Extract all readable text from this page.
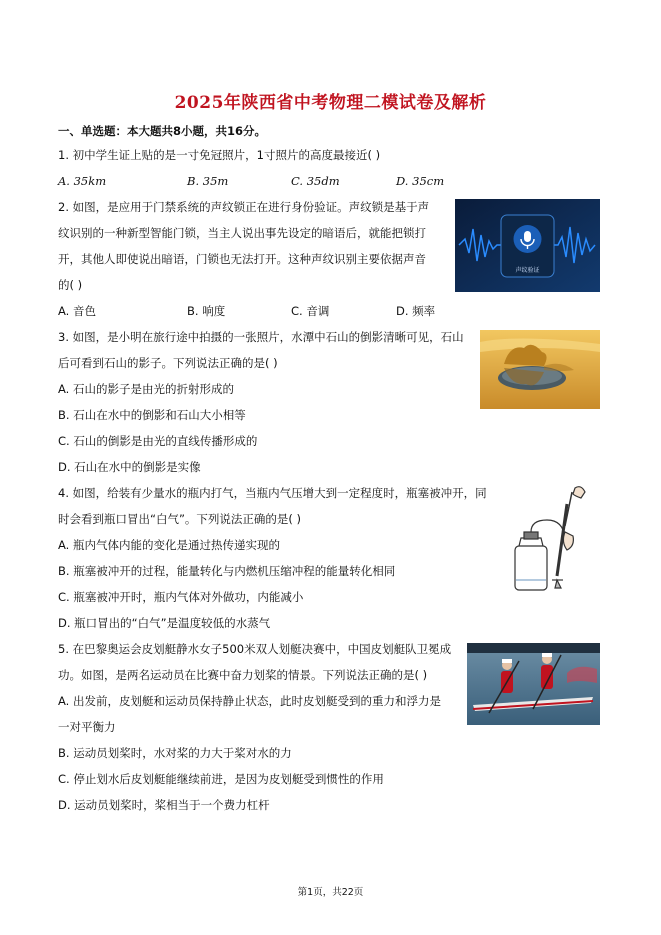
2025年陕西省中考物理二模试卷及解析
一、单选题：本大题共8小题，共16分。
1. 初中学生证上贴的是一寸免冠照片，1寸照片的高度最接近( )
A. 35km	B. 35m	C. 35dm	D. 35cm
2. 如图，是应用于门禁系统的声纹锁正在进行身份验证。声纹锁是基于声
纹识别的一种新型智能门锁，当主人说出事先设定的暗语后，就能把锁打
开，其他人即使说出暗语，门锁也无法打开。这种声纹识别主要依据声音
的( )
A. 音色	B. 响度	C. 音调	D. 频率
声纹验证
3. 如图，是小明在旅行途中拍摄的一张照片，水潭中石山的倒影清晰可见，石山
后可看到石山的影子。下列说法正确的是( )
A. 石山的影子是由光的折射形成的
B. 石山在水中的倒影和石山大小相等
C. 石山的倒影是由光的直线传播形成的
D. 石山在水中的倒影是实像
4. 如图，给装有少量水的瓶内打气，当瓶内气压增大到一定程度时，瓶塞被冲开，同
时会看到瓶口冒出“白气”。下列说法正确的是( )
A. 瓶内气体内能的变化是通过热传递实现的
B. 瓶塞被冲开的过程，能量转化与内燃机压缩冲程的能量转化相同
C. 瓶塞被冲开时，瓶内气体对外做功，内能减小
D. 瓶口冒出的“白气”是温度较低的水蒸气
5. 在巴黎奥运会皮划艇静水女子500米双人划艇决赛中，中国皮划艇队卫冕成
功。如图，是两名运动员在比赛中奋力划桨的情景。下列说法正确的是( )
A. 出发前，皮划艇和运动员保持静止状态，此时皮划艇受到的重力和浮力是
一对平衡力
B. 运动员划桨时，水对桨的力大于桨对水的力
C. 停止划水后皮划艇能继续前进，是因为皮划艇受到惯性的作用
D. 运动员划桨时，桨相当于一个费力杠杆
第1页，共22页
